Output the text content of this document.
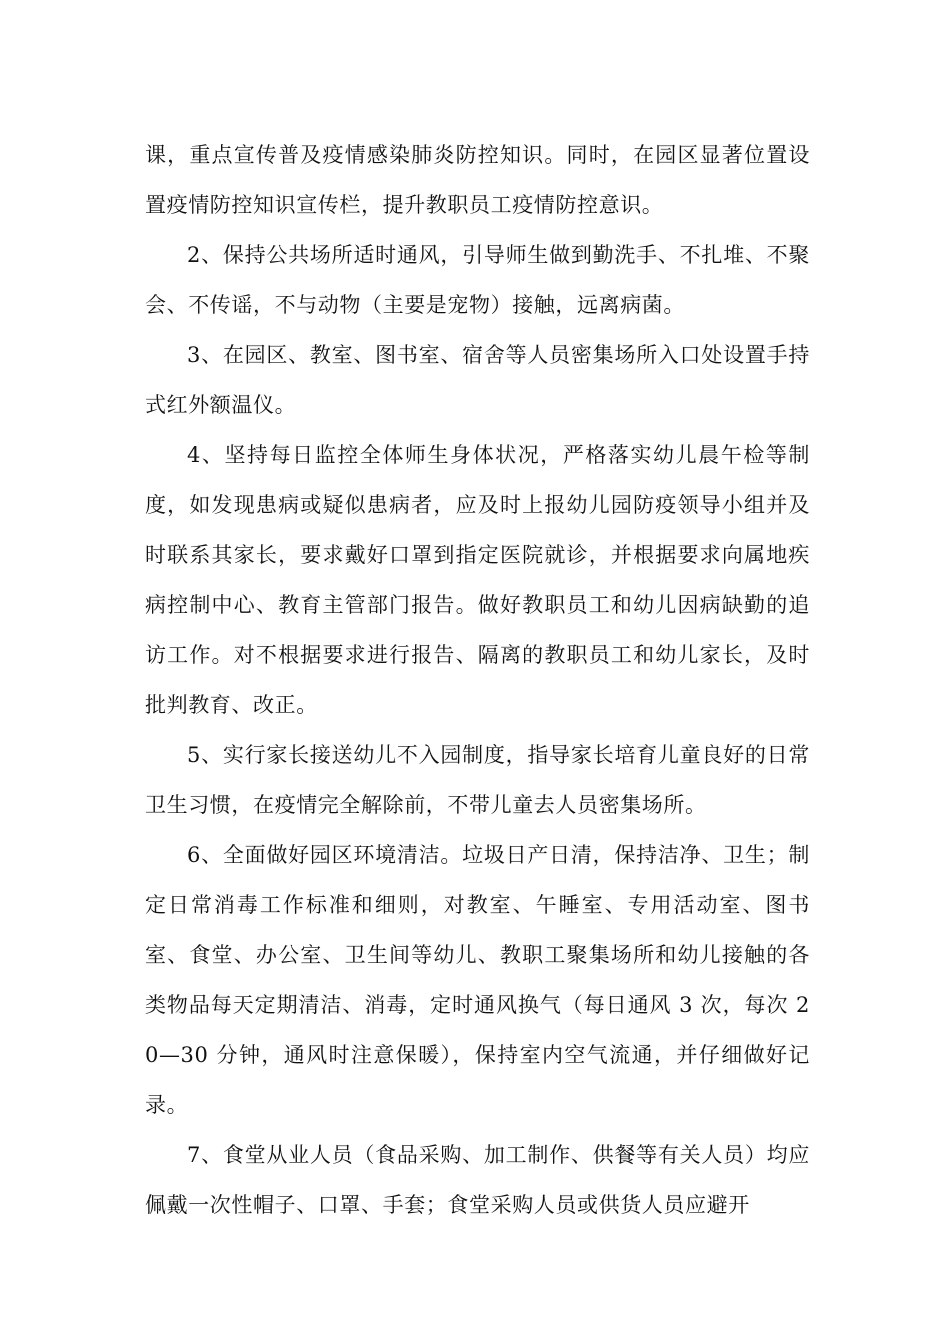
课，重点宣传普及疫情感染肺炎防控知识。同时，在园区显著位置设置疫情防控知识宣传栏，提升教职员工疫情防控意识。

2、保持公共场所适时通风，引导师生做到勤洗手、不扎堆、不聚会、不传谣，不与动物（主要是宠物）接触，远离病菌。

3、在园区、教室、图书室、宿舍等人员密集场所入口处设置手持式红外额温仪。

4、坚持每日监控全体师生身体状况，严格落实幼儿晨午检等制度，如发现患病或疑似患病者，应及时上报幼儿园防疫领导小组并及时联系其家长，要求戴好口罩到指定医院就诊，并根据要求向属地疾病控制中心、教育主管部门报告。做好教职员工和幼儿因病缺勤的追访工作。对不根据要求进行报告、隔离的教职员工和幼儿家长，及时批判教育、改正。

5、实行家长接送幼儿不入园制度，指导家长培育儿童良好的日常卫生习惯，在疫情完全解除前，不带儿童去人员密集场所。

6、全面做好园区环境清洁。垃圾日产日清，保持洁净、卫生；制定日常消毒工作标准和细则，对教室、午睡室、专用活动室、图书室、食堂、办公室、卫生间等幼儿、教职工聚集场所和幼儿接触的各类物品每天定期清洁、消毒，定时通风换气（每日通风 3 次，每次 20—30 分钟，通风时注意保暖），保持室内空气流通，并仔细做好记录。

7、食堂从业人员（食品采购、加工制作、供餐等有关人员）均应佩戴一次性帽子、口罩、手套；食堂采购人员或供货人员应避开
